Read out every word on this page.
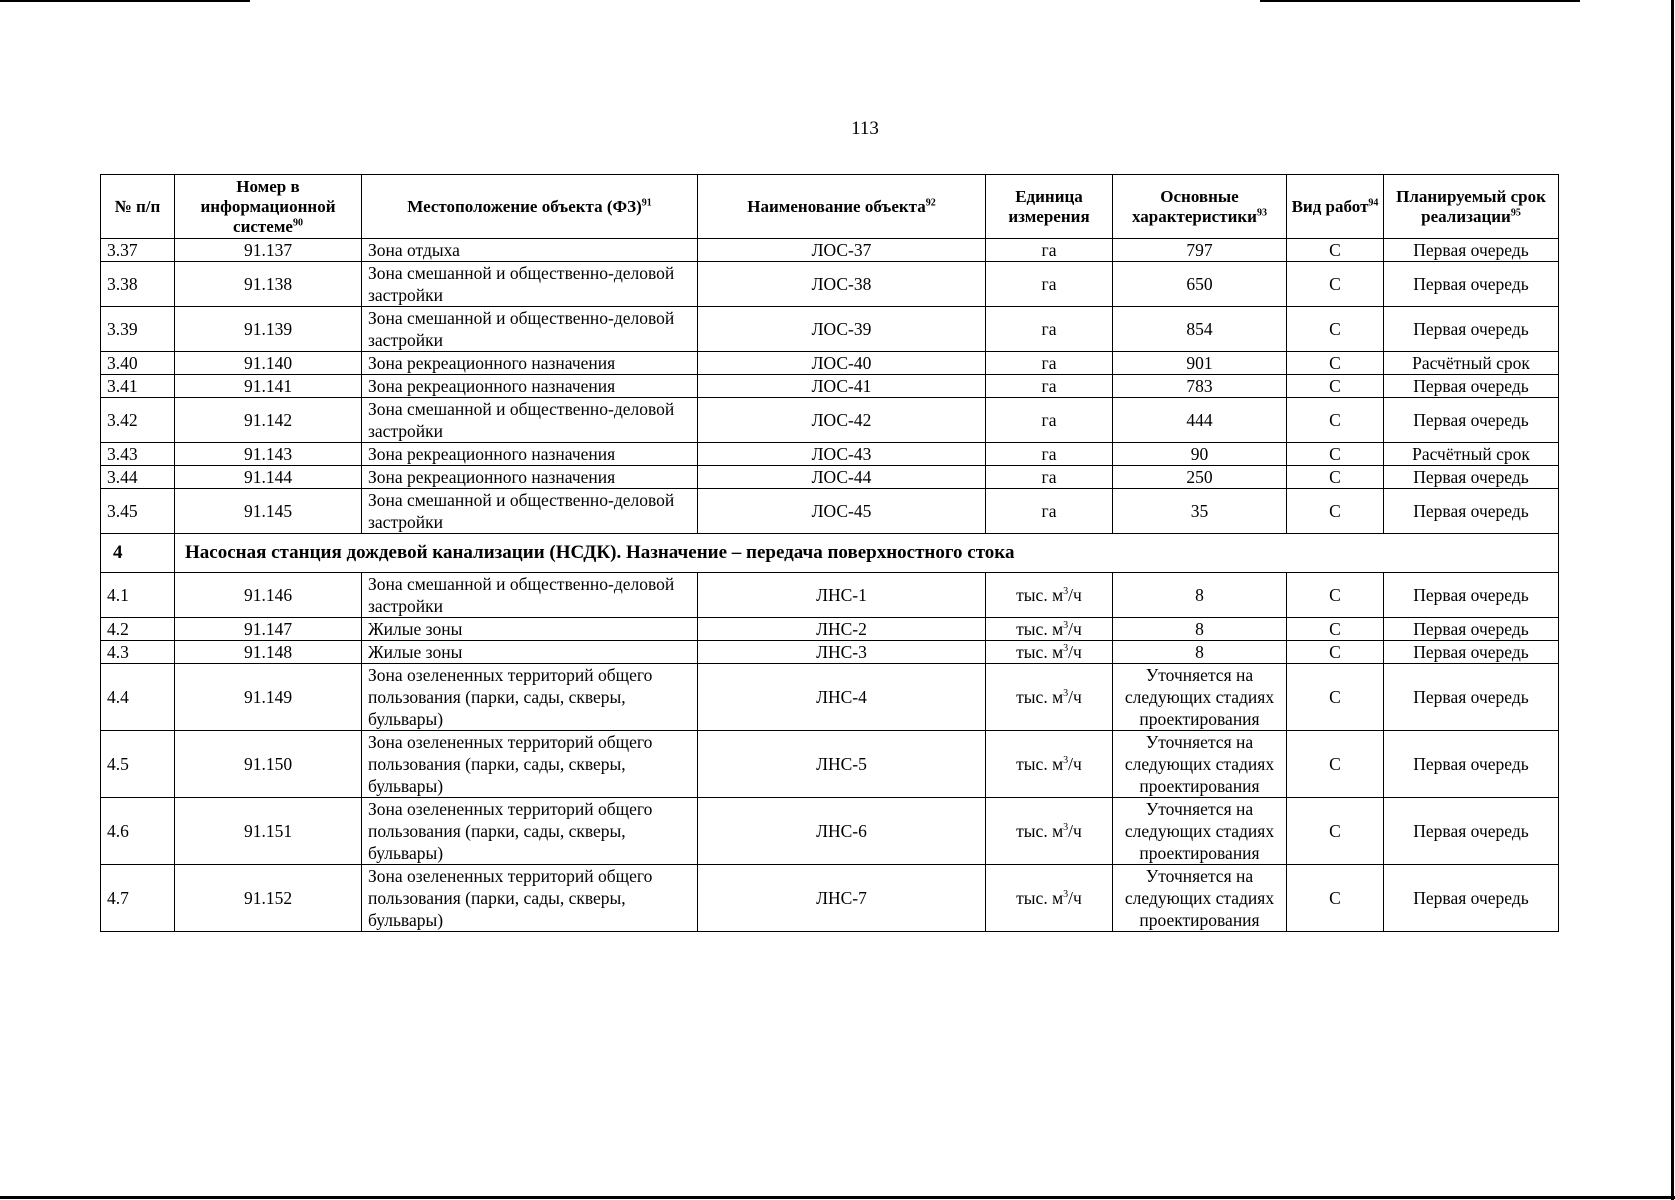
113
№ п/п	Номер в информационной системе$^{90}$	Местоположение объекта (ФЗ)$^{91}$	Наименование объекта$^{92}$	Единица измерения	Основные характеристики$^{93}$	Вид работ$^{94}$	Планируемый срок реализации$^{95}$
3.37	91.137	Зона отдыха	ЛОС-37	га	797	С	Первая очередь
3.38	91.138	Зона смешанной и общественно-деловой застройки	ЛОС-38	га	650	С	Первая очередь
3.39	91.139	Зона смешанной и общественно-деловой застройки	ЛОС-39	га	854	С	Первая очередь
3.40	91.140	Зона рекреационного назначения	ЛОС-40	га	901	С	Расчётный срок
3.41	91.141	Зона рекреационного назначения	ЛОС-41	га	783	С	Первая очередь
3.42	91.142	Зона смешанной и общественно-деловой застройки	ЛОС-42	га	444	С	Первая очередь
3.43	91.143	Зона рекреационного назначения	ЛОС-43	га	90	С	Расчётный срок
3.44	91.144	Зона рекреационного назначения	ЛОС-44	га	250	С	Первая очередь
3.45	91.145	Зона смешанной и общественно-деловой застройки	ЛОС-45	га	35	С	Первая очередь
4	Насосная станция дождевой канализации (НСДК). Назначение – передача поверхностного стока						
4.1	91.146	Зона смешанной и общественно-деловой застройки	ЛНС-1	тыс. $м^3/ч$	8	С	Первая очередь
4.2	91.147	Жилые зоны	ЛНС-2	тыс. $м^3/ч$	8	С	Первая очередь
4.3	91.148	Жилые зоны	ЛНС-3	тыс. $м^3/ч$	8	С	Первая очередь
4.4	91.149	Зона озелененных территорий общего пользования (парки, сады, скверы, бульвары)	ЛНС-4	тыс. $м^3/ч$	Уточняется на следующих стадиях проектирования	С	Первая очередь
4.5	91.150	Зона озелененных территорий общего пользования (парки, сады, скверы, бульвары)	ЛНС-5	тыс. $м^3/ч$	Уточняется на следующих стадиях проектирования	С	Первая очередь
4.6	91.151	Зона озелененных территорий общего пользования (парки, сады, скверы, бульвары)	ЛНС-6	тыс. $м^3/ч$	Уточняется на следующих стадиях проектирования	С	Первая очередь
4.7	91.152	Зона озелененных территорий общего пользования (парки, сады, скверы, бульвары)	ЛНС-7	тыс. $м^3/ч$	Уточняется на следующих стадиях проектирования	С	Первая очередь
